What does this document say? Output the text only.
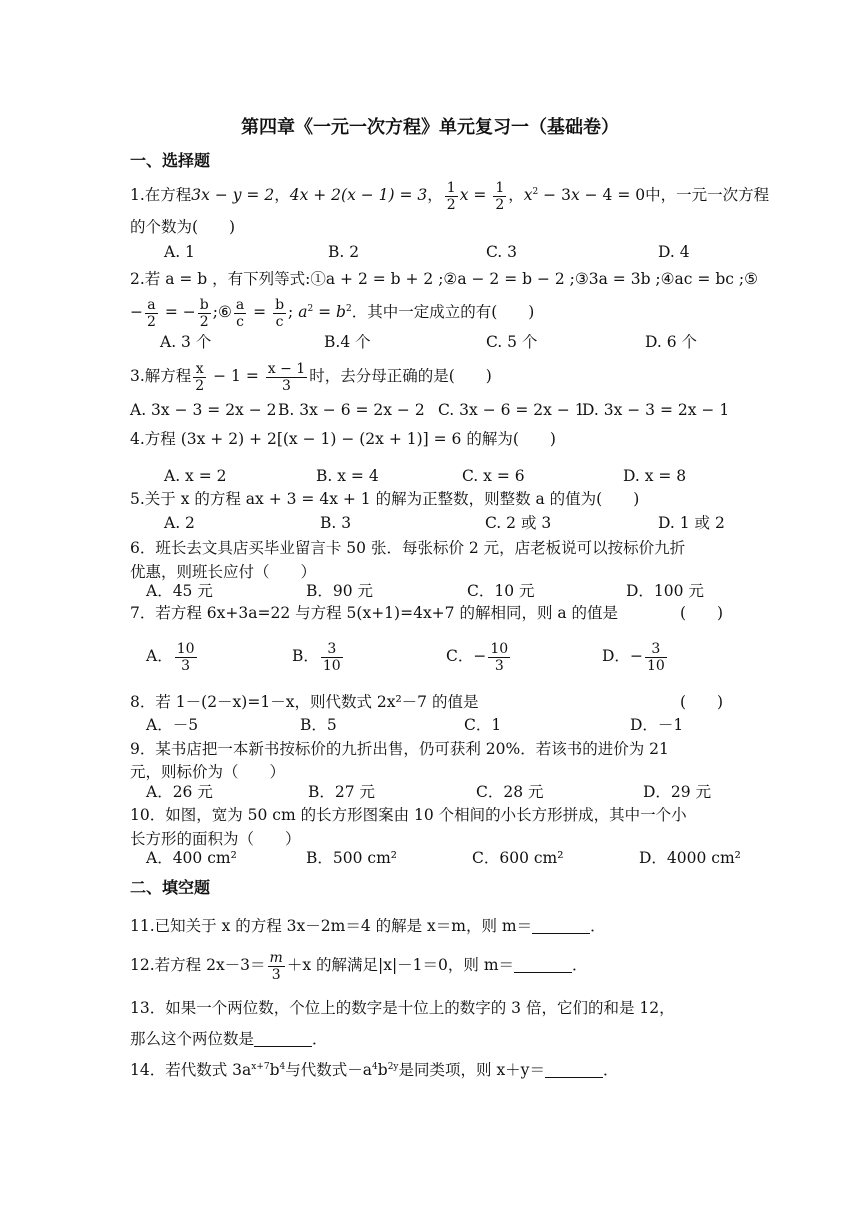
第四章《一元一次方程》单元复习一（基础卷）
一、选择题
1.在方程3x − y = 2，4x + 2(x − 1) = 3， $\frac{1}{2}$ $x = \frac{1}{2}$ ，$x^2 - 3x - 4 = 0$中，一元一次方程
的个数为(　　)
A. 1	B. 2	C. 3	D. 4
2.若 a = b ，有下列等式:①a + 2 = b + 2 ;②a − 2 = b − 2 ;③3a = 3b ;④ac = bc ;⑤
− $\frac{a}{2}$ = − $\frac{b}{2}$ ;⑥ $\frac{a}{c} = \frac{b}{c}$ ; $a^2 = b^2$．其中一定成立的有(　　)
A. 3 个	B.4 个	C. 5 个	D. 6 个
3.解方程 $\frac{x}{2} - 1 = \frac{x - 1}{3}$ 时，去分母正确的是(　　)
A. 3x − 3 = 2x − 2 B. 3x − 6 = 2x − 2 C. 3x − 6 = 2x − 1
D. 3x − 3 = 2x − 1
4.方程 (3x + 2) + 2[(x − 1) − (2x + 1)] = 6 的解为(　　)
A. x = 2	B. x = 4	C. x = 6	D. x = 8
5.关于 x 的方程 ax + 3 = 4x + 1 的解为正整数，则整数 a 的值为(　　)
A. 2	B. 3	C. 2 或 3	D. 1 或 2
6．班长去文具店买毕业留言卡 50 张．每张标价 2 元，店老板说可以按标价九折
优惠，则班长应付（　　）
A．45 元	B．90 元	C．10 元	D．100 元
7．若方程 6x+3a=22 与方程 5(x+1)=4x+7 的解相同，则 a 的值是	(　　)
A． $\frac{10}{3}$	B． $\frac{3}{10}$	C．− $\frac{10}{3}$	D．− $\frac{3}{10}$
8．若 1－(2－x)=1－x，则代数式 2x²－7 的值是	(　　)
A．－5	B．5	C．1	D．－1
9．某书店把一本新书按标价的九折出售，仍可获利 20%．若该书的进价为 21
元，则标价为（　　）
A．26 元	B．27 元	C．28 元	D．29 元
10．如图，宽为 50 cm 的长方形图案由 10 个相间的小长方形拼成，其中一个小
长方形的面积为（　　）
A．400 cm²	B．500 cm²	C．600 cm²	D．4000 cm²
二、填空题
11.已知关于 x 的方程 3x－2m＝4 的解是 x＝m，则 m＝	．
12.若方程 $2x-3= \frac{m}{3} +x$ 的解满足|x|－1＝0，则 m＝	．
13．如果一个两位数，个位上的数字是十位上的数字的 3 倍，它们的和是 12，
那么这个两位数是	．
14．若代数式 $3a^{x+7}b^4$与代数式$-a^4b^{2y}$是同类项，则 x＋y＝	．
